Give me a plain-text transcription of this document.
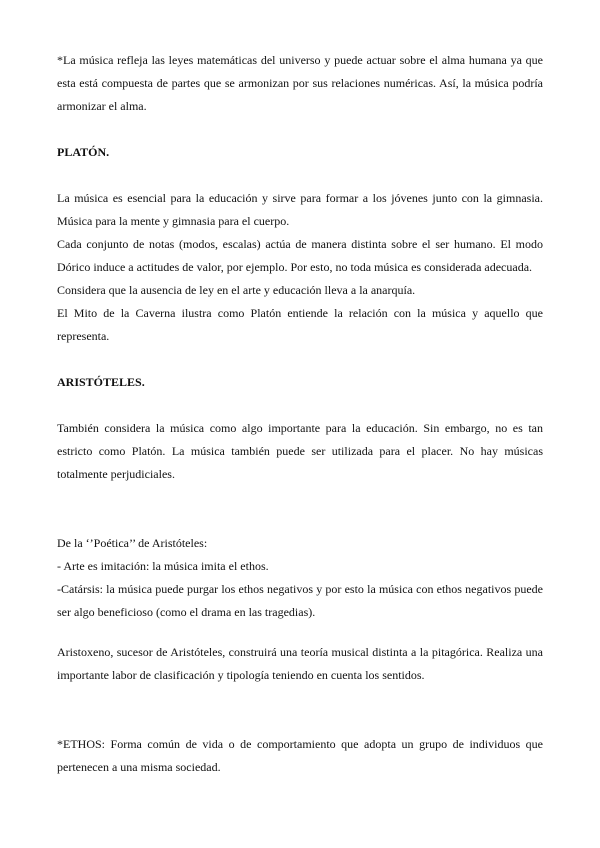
*La música refleja las leyes matemáticas del universo y puede actuar sobre el alma humana ya que esta está compuesta de partes que se armonizan por sus relaciones numéricas. Así, la música podría armonizar el alma.

PLATÓN.

La música es esencial para la educación y sirve para formar a los jóvenes junto con la gimnasia. Música para la mente y gimnasia para el cuerpo.

Cada conjunto de notas (modos, escalas) actúa de manera distinta sobre el ser humano. El modo Dórico induce a actitudes de valor, por ejemplo. Por esto, no toda música es considerada adecuada.

Considera que la ausencia de ley en el arte y educación lleva a la anarquía.

El Mito de la Caverna ilustra como Platón entiende la relación con la música y aquello que representa.

ARISTÓTELES.

También considera la música como algo importante para la educación. Sin embargo, no es tan estricto como Platón. La música también puede ser utilizada para el placer. No hay músicas totalmente perjudiciales.

De la ‘’Poética’’ de Aristóteles:

- Arte es imitación: la música imita el ethos.

-Catársis: la música puede purgar los ethos negativos y por esto la música con ethos negativos puede ser algo beneficioso (como el drama en las tragedias).

Aristoxeno, sucesor de Aristóteles, construirá una teoría musical distinta a la pitagórica. Realiza una importante labor de clasificación y tipología teniendo en cuenta los sentidos.

*ETHOS: Forma común de vida o de comportamiento que adopta un grupo de individuos que pertenecen a una misma sociedad.
